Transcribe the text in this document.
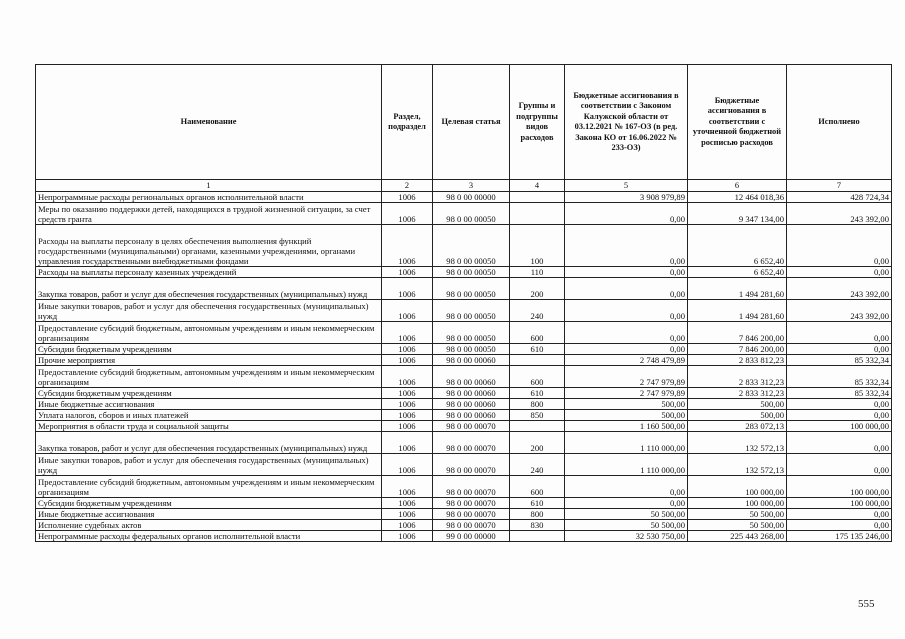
Наименование	Раздел, подраздел	Целевая статья	Группы и подгруппы видов расходов	Бюджетные ассигнования в соответствии с Законом Калужской области от 03.12.2021 № 167-ОЗ (в ред. Закона КО от 16.06.2022 № 233-ОЗ)	Бюджетные ассигнования в соответствии с уточненной бюджетной росписью расходов	Исполнено
1	2	3	4	5	6	7
Непрограммные расходы региональных органов исполнительной власти	1006	98 0 00 00000		3 908 979,89	12 464 018,36	428 724,34
Меры по оказанию поддержки детей, находящихся в трудной жизненной ситуации, за счет средств гранта	1006	98 0 00 00050		0,00	9 347 134,00	243 392,00
Расходы на выплаты персоналу в целях обеспечения выполнения функций государственными (муниципальными) органами, казенными учреждениями, органами управления государственными внебюджетными фондами	1006	98 0 00 00050	100	0,00	6 652,40	0,00
Расходы на выплаты персоналу казенных учреждений	1006	98 0 00 00050	110	0,00	6 652,40	0,00
Закупка товаров, работ и услуг для обеспечения государственных (муниципальных) нужд	1006	98 0 00 00050	200	0,00	1 494 281,60	243 392,00
Иные закупки товаров, работ и услуг для обеспечения государственных (муниципальных) нужд	1006	98 0 00 00050	240	0,00	1 494 281,60	243 392,00
Предоставление субсидий бюджетным, автономным учреждениям и иным некоммерческим организациям	1006	98 0 00 00050	600	0,00	7 846 200,00	0,00
Субсидии бюджетным учреждениям	1006	98 0 00 00050	610	0,00	7 846 200,00	0,00
Прочие мероприятия	1006	98 0 00 00060		2 748 479,89	2 833 812,23	85 332,34
Предоставление субсидий бюджетным, автономным учреждениям и иным некоммерческим организациям	1006	98 0 00 00060	600	2 747 979,89	2 833 312,23	85 332,34
Субсидии бюджетным учреждениям	1006	98 0 00 00060	610	2 747 979,89	2 833 312,23	85 332,34
Иные бюджетные ассигнования	1006	98 0 00 00060	800	500,00	500,00	0,00
Уплата налогов, сборов и иных платежей	1006	98 0 00 00060	850	500,00	500,00	0,00
Мероприятия в области труда и социальной защиты	1006	98 0 00 00070		1 160 500,00	283 072,13	100 000,00
Закупка товаров, работ и услуг для обеспечения государственных (муниципальных) нужд	1006	98 0 00 00070	200	1 110 000,00	132 572,13	0,00
Иные закупки товаров, работ и услуг для обеспечения государственных (муниципальных) нужд	1006	98 0 00 00070	240	1 110 000,00	132 572,13	0,00
Предоставление субсидий бюджетным, автономным учреждениям и иным некоммерческим организациям	1006	98 0 00 00070	600	0,00	100 000,00	100 000,00
Субсидии бюджетным учреждениям	1006	98 0 00 00070	610	0,00	100 000,00	100 000,00
Иные бюджетные ассигнования	1006	98 0 00 00070	800	50 500,00	50 500,00	0,00
Исполнение судебных актов	1006	98 0 00 00070	830	50 500,00	50 500,00	0,00
Непрограммные расходы федеральных органов исполнительной власти	1006	99 0 00 00000		32 530 750,00	225 443 268,00	175 135 246,00
555
